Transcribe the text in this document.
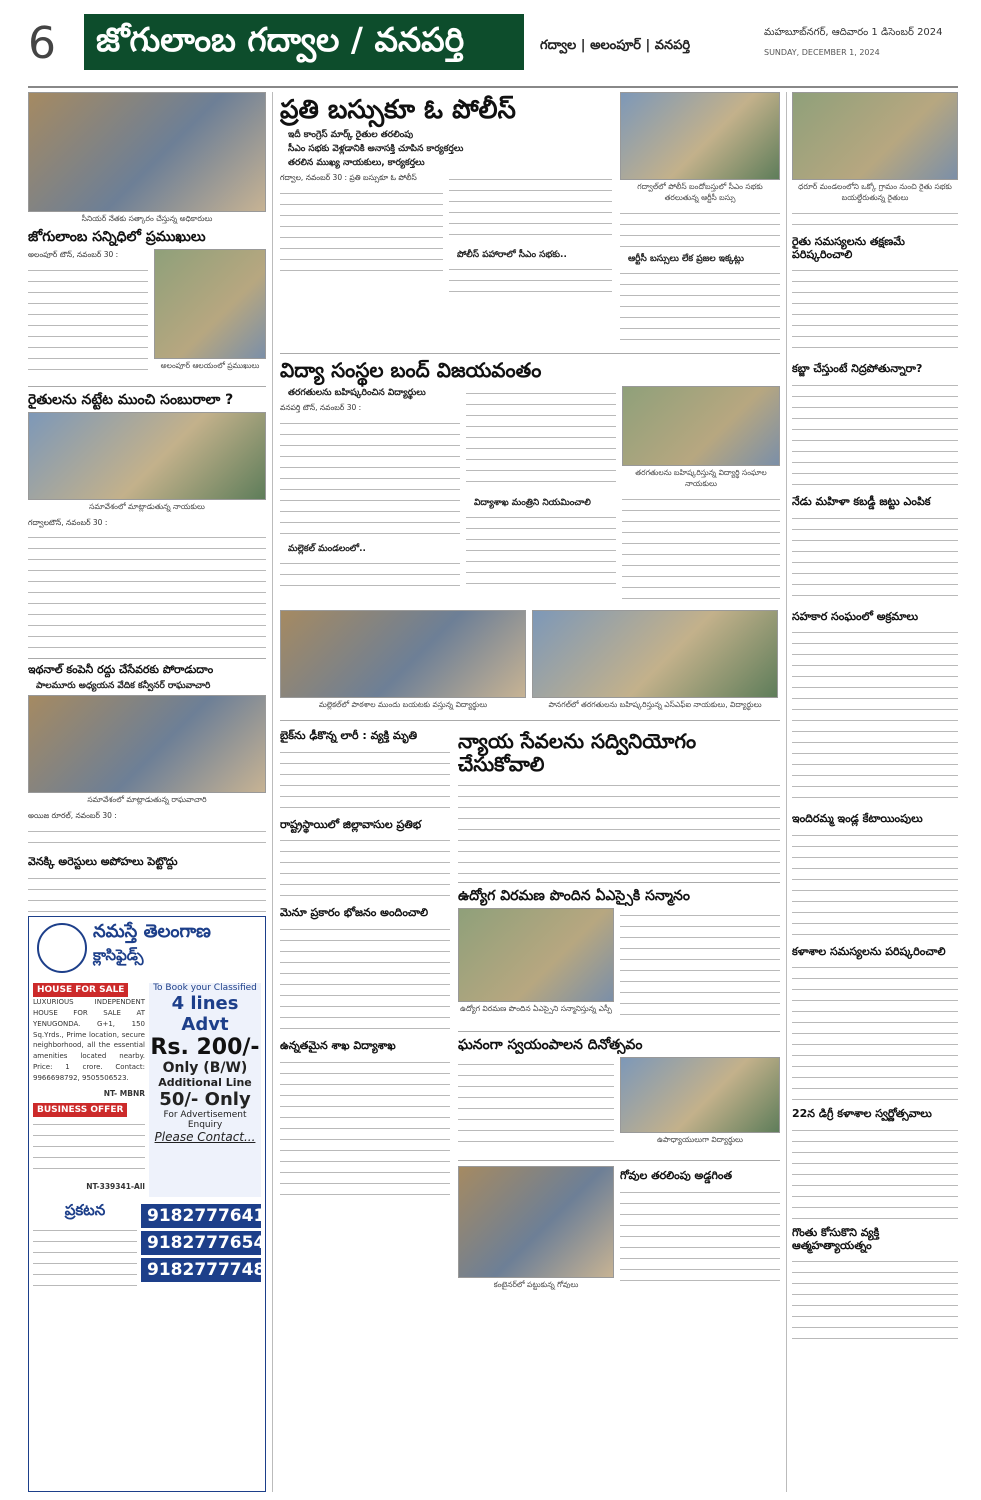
6	జోగులాంబ గద్వాల / వనపర్తి	గద్వాల | అలంపూర్ | వనపర్తి
మహబూబ్‌నగర్, ఆదివారం 1 డిసెంబర్ 2024
SUNDAY, DECEMBER 1, 2024
సీనియర్ నేతకు సత్కారం చేస్తున్న అధికారులు
జోగులాంబ సన్నిధిలో ప్రముఖులు
అలంపూర్ టౌన్, నవంబర్ 30 :
అలంపూర్ ఆలయంలో ప్రముఖులు
రైతులను నట్టేట ముంచి సంబురాలా ?
సమావేశంలో మాట్లాడుతున్న నాయకులు
గద్వాలటౌన్, నవంబర్ 30 :
ఇథనాల్ కంపెనీ రద్దు చేసేవరకు పోరాడుదాం
పాలమూరు అధ్యయన వేదిక కన్వీనర్ రాఘవాచారి
సమావేశంలో మాట్లాడుతున్న రాఘవాచారి
అయిజ రూరల్, నవంబర్ 30 :
వెనక్కి అరెస్టులు అపోహలు పెట్టొద్దు
నమస్తే తెలంగాణ
క్లాసిఫైడ్స్
HOUSE FOR SALE
LUXURIOUS INDEPENDENT HOUSE FOR SALE AT YENUGONDA. G+1, 150 Sq.Yrds., Prime location, secure neighborhood, all the essential amenities located nearby. Price: 1 crore. Contact: 9966698792, 9505506523.
NT- MBNR
BUSINESS OFFER
NT-339341-All
To Book your Classified
4 lines Advt
Rs. 200/-
Only (B/W)
Additional Line
50/- Only
For Advertisement Enquiry
Please Contact...
ప్రకటన	9182777641
9182777654
9182777748
ప్రతి బస్సుకూ ఓ పోలీస్
ఇదీ కాంగ్రెస్ మార్క్ రైతుల తరలింపు
సీఎం సభకు వెళ్లడానికి అనాసక్తి చూపిన కార్యకర్తలు
తరలిన ముఖ్య నాయకులు, కార్యకర్తలు
గద్వాల, నవంబర్ 30 : ప్రతి బస్సుకూ ఓ పోలీస్
పోలీస్ పహారాలో సీఎం సభకు..
గద్వాల్‌లో పోలీస్ బందోబస్తులో సీఎం సభకు తరలుతున్న ఆర్టీసీ బస్సు
ఆర్టీసీ బస్సులు లేక ప్రజల ఇక్కట్లు
విద్యా సంస్థల బంద్ విజయవంతం
తరగతులను బహిష్కరించిన విద్యార్థులు
వనపర్తి టౌన్, నవంబర్ 30 :
మల్లెకల్ మండలంలో..
విద్యాశాఖ మంత్రిని నియమించాలి
తరగతులను బహిష్కరిస్తున్న విద్యార్థి సంఘాల నాయకులు
మల్లెకల్‌లో పాఠశాల ముందు బయటకు వస్తున్న విద్యార్థులు	పానగల్‌లో తరగతులను బహిష్కరిస్తున్న ఎస్‌ఎఫ్‌ఐ నాయకులు, విద్యార్థులు
బైక్‌ను ఢీకొన్న లారీ : వ్యక్తి మృతి
రాష్ట్రస్థాయిలో జిల్లావాసుల ప్రతిభ
మెనూ ప్రకారం భోజనం అందించాలి
ఉన్నతమైన శాఖ విద్యాశాఖ
న్యాయ సేవలను సద్వినియోగం చేసుకోవాలి
ఉద్యోగ విరమణ పొందిన ఏఎస్సైకి సన్మానం
ఉద్యోగ విరమణ పొందిన ఏఎస్సైని సన్మానిస్తున్న ఎస్పీ
ఘనంగా స్వయంపాలన దినోత్సవం
ఉపాధ్యాయులుగా విద్యార్థులు
కంటైనర్‌లో పట్టుకున్న గోవులు
గోవుల తరలింపు అడ్డగింత
ధరూర్ మండలంలోని ఒక్కో గ్రామం నుంచి రైతు సభకు బయల్దేరుతున్న రైతులు
రైతు సమస్యలను తక్షణమే పరిష్కరించాలి
కబ్జా చేస్తుంటే నిద్రపోతున్నారా?
నేడు మహిళా కబడ్డీ జట్టు ఎంపిక
సహకార సంఘంలో అక్రమాలు
ఇందిరమ్మ ఇండ్ల కేటాయింపులు
కళాశాల సమస్యలను పరిష్కరించాలి
22న డిగ్రీ కళాశాల స్వర్ణోత్సవాలు
గొంతు కోసుకొని వ్యక్తి ఆత్మహత్యాయత్నం
